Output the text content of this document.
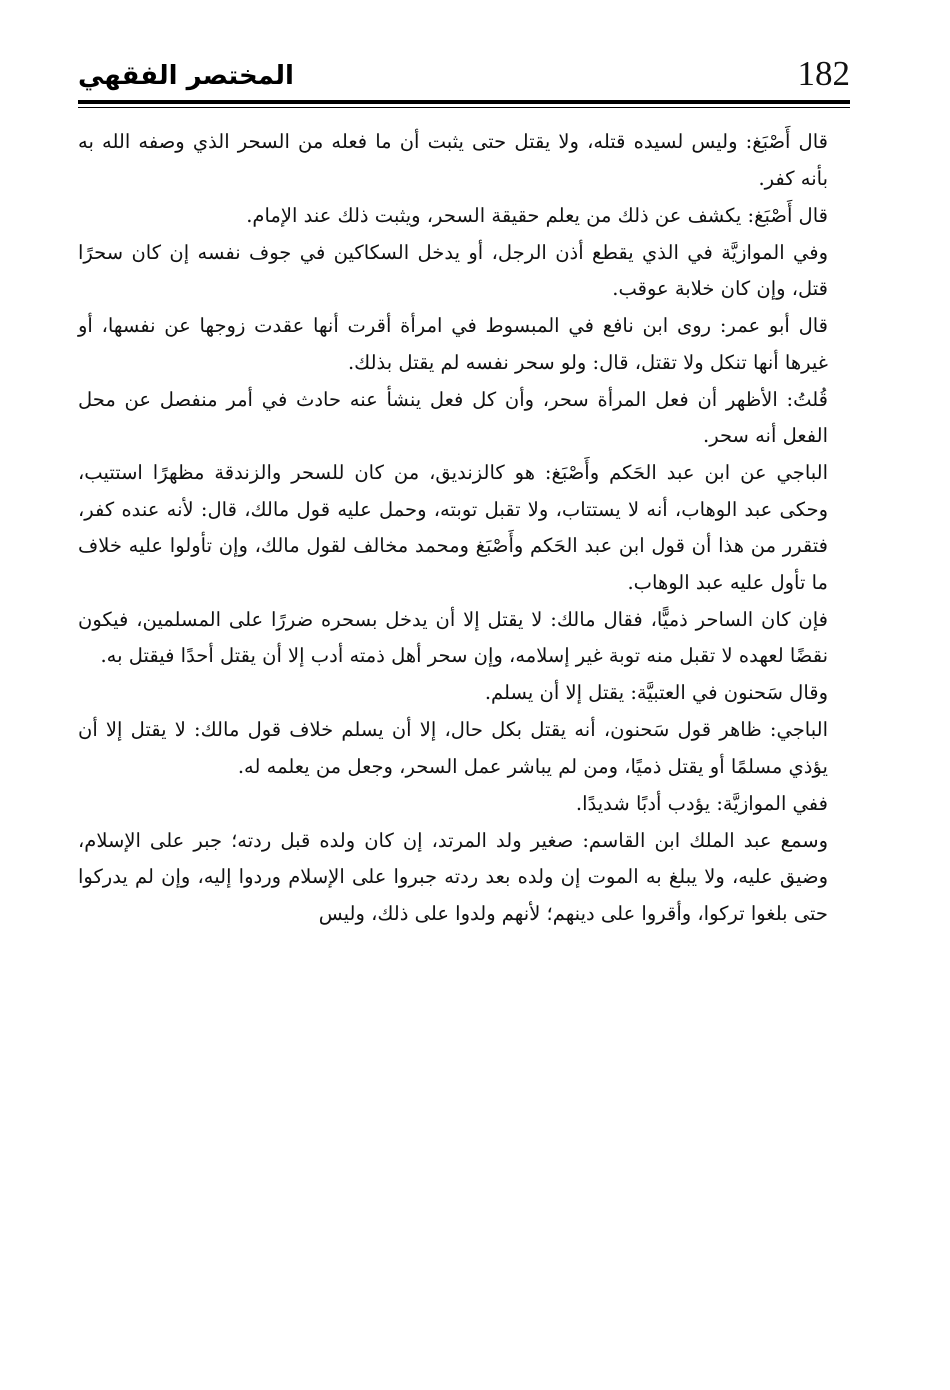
182
المختصر الفقهي

قال أَصْبَغ: وليس لسيده قتله، ولا يقتل حتى يثبت أن ما فعله من السحر الذي وصفه الله به بأنه كفر.

قال أَصْبَغ: يكشف عن ذلك من يعلم حقيقة السحر، ويثبت ذلك عند الإمام.

وفي الموازيَّة في الذي يقطع أذن الرجل، أو يدخل السكاكين في جوف نفسه إن كان سحرًا قتل، وإن كان خلابة عوقب.

قال أبو عمر: روى ابن نافع في المبسوط في امرأة أقرت أنها عقدت زوجها عن نفسها، أو غيرها أنها تنكل ولا تقتل، قال: ولو سحر نفسه لم يقتل بذلك.

قُلتُ: الأظهر أن فعل المرأة سحر، وأن كل فعل ينشأ عنه حادث في أمر منفصل عن محل الفعل أنه سحر.

الباجي عن ابن عبد الحَكم وأَصْبَغ: هو كالزنديق، من كان للسحر والزندقة مظهرًا استتيب، وحكى عبد الوهاب، أنه لا يستتاب، ولا تقبل توبته، وحمل عليه قول مالك، قال: لأنه عنده كفر، فتقرر من هذا أن قول ابن عبد الحَكم وأَصْبَغ ومحمد مخالف لقول مالك، وإن تأولوا عليه خلاف ما تأول عليه عبد الوهاب.

فإن كان الساحر ذميًّا، فقال مالك: لا يقتل إلا أن يدخل بسحره ضررًا على المسلمين، فيكون نقضًا لعهده لا تقبل منه توبة غير إسلامه، وإن سحر أهل ذمته أدب إلا أن يقتل أحدًا فيقتل به.

وقال سَحنون في العتبيَّة: يقتل إلا أن يسلم.

الباجي: ظاهر قول سَحنون، أنه يقتل بكل حال، إلا أن يسلم خلاف قول مالك: لا يقتل إلا أن يؤذي مسلمًا أو يقتل ذميًا، ومن لم يباشر عمل السحر، وجعل من يعلمه له.

ففي الموازيَّة: يؤدب أدبًا شديدًا.

وسمع عبد الملك ابن القاسم: صغير ولد المرتد، إن كان ولده قبل ردته؛ جبر على الإسلام، وضيق عليه، ولا يبلغ به الموت إن ولده بعد ردته جبروا على الإسلام وردوا إليه، وإن لم يدركوا حتى بلغوا تركوا، وأقروا على دينهم؛ لأنهم ولدوا على ذلك، وليس
